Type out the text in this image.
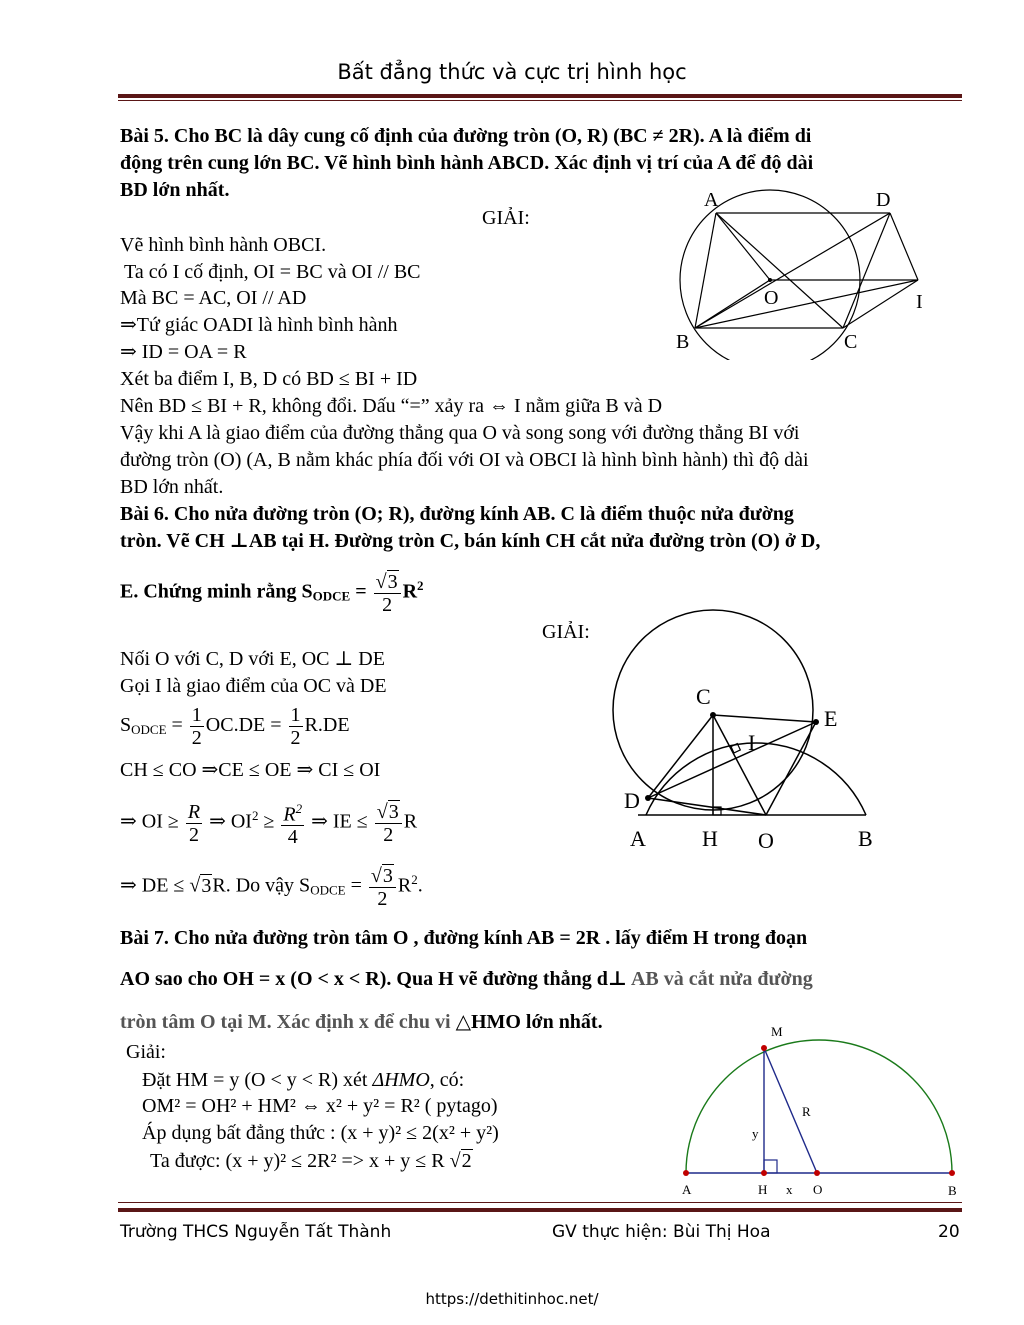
Bất đẳng thức và cực trị hình học
Bài 5. Cho BC là dây cung cố định của đường tròn (O, R) (BC ≠ 2R). A là điểm di
động trên cung lớn BC. Vẽ hình bình hành ABCD. Xác định vị trí của A để độ dài
BD lớn nhất.
GIẢI:
Vẽ hình bình hành OBCI.
Ta có I cố định, OI = BC và OI // BC
Mà BC = AC, OI // AD
⇒Tứ giác OADI là hình bình hành
⇒ ID = OA = R
Xét ba điểm I, B, D có BD ≤ BI + ID
Nên BD ≤ BI + R, không đổi. Dấu “=” xảy ra ⇔ I nằm giữa B và D
Vậy khi A là giao điểm của đường thẳng qua O và song song với đường thẳng BI với
đường tròn (O) (A, B nằm khác phía đối với OI và OBCI là hình bình hành) thì độ dài
BD lớn nhất.
A	D
O	I
B	C
Bài 6. Cho nửa đường tròn (O; R), đường kính AB. C là điểm thuộc nửa đường
tròn. Vẽ CH ⊥AB tại H. Đường tròn C, bán kính CH cắt nửa đường tròn (O) ở D,
E. Chứng minh rằng $S_{ODCE} = \frac{√3}{2} R^2$
GIẢI:
Nối O với C, D với E, OC ⊥ DE
Gọi I là giao điểm của OC và DE
$S_{ODCE} = \frac{1}{2} OC.DE = \frac{1}{2} R.DE$
CH ≤ CO ⇒CE ≤ OE ⇒ CI ≤ OI
⇒ OI ≥ $\frac{R}{2}$ ⇒ $OI^2 \ge \frac{R^2}{4}$ ⇒ IE ≤ $\frac{√3}{2}$ R
⇒ DE ≤ √3R. Do vậy $S_{ODCE} = \frac{√3}{2} R^2$.
C
E
I
D
A	H O	B
Bài 7. Cho nửa đường tròn tâm O , đường kính AB = 2R . lấy điểm H trong đoạn
AO sao cho OH = x (O < x < R). Qua H vẽ đường thẳng d⊥ AB và cắt nửa đường
tròn tâm O tại M. Xác định x để chu vi △HMO lớn nhất.
Giải:
Đặt HM = y (O < y < R) xét ΔHMO, có:
OM² = OH² + HM² ⇔ x² + y² = R² ( pytago)
Áp dụng bất đẳng thức : (x + y)² ≤ 2(x² + y²)
Ta được: (x + y)² ≤ 2R² => x + y ≤ R √2
M
R
y
A	H x O	B
Trường THCS Nguyễn Tất Thành	GV thực hiện: Bùi Thị Hoa	20
https://dethitinhoc.net/
